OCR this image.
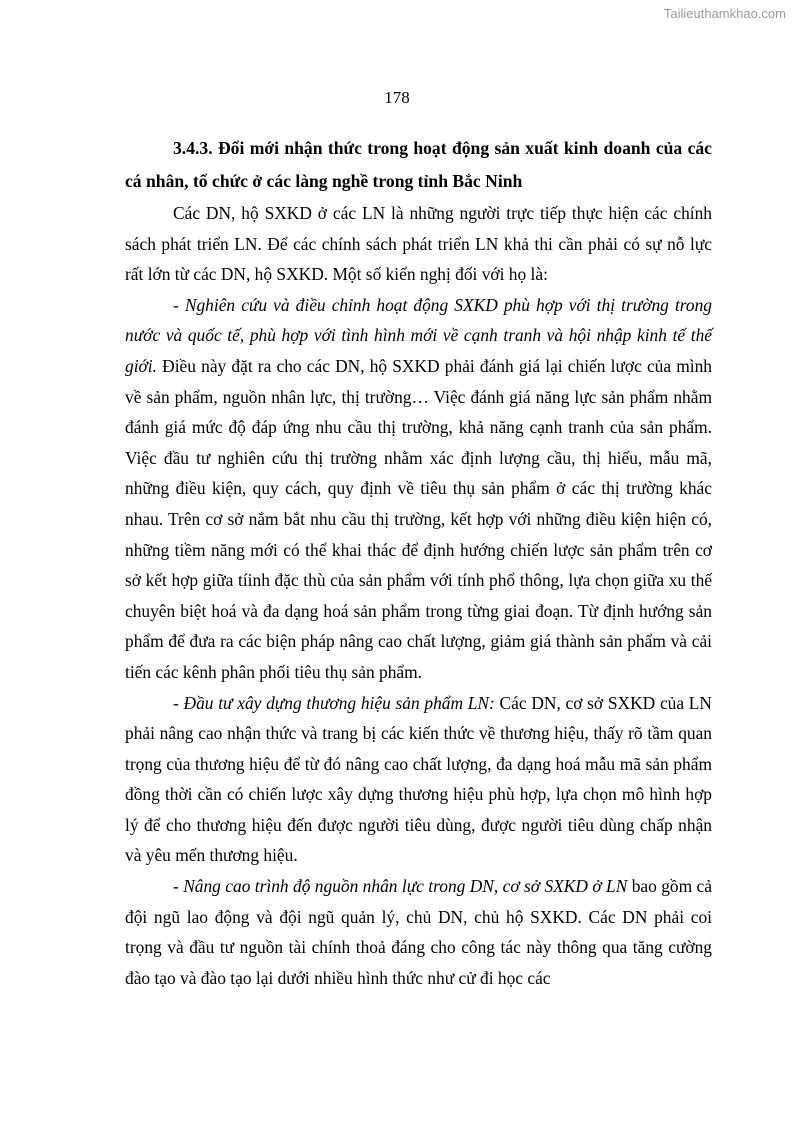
Tailieuthamkhao.com
178
3.4.3. Đổi mới nhận thức trong hoạt động sản xuất kinh doanh của các cá nhân, tổ chức ở các làng nghề trong tỉnh Bắc Ninh

Các DN, hộ SXKD ở các LN là những người trực tiếp thực hiện các chính sách phát triển LN. Để các chính sách phát triển LN khả thi cần phải có sự nỗ lực rất lớn từ các DN, hộ SXKD. Một số kiến nghị đối với họ là:

- Nghiên cứu và điều chỉnh hoạt động SXKD phù hợp với thị trường trong nước và quốc tế, phù hợp với tình hình mới về cạnh tranh và hội nhập kinh tế thế giới. Điều này đặt ra cho các DN, hộ SXKD phải đánh giá lại chiến lược của mình về sản phẩm, nguồn nhân lực, thị trường… Việc đánh giá năng lực sản phẩm nhằm đánh giá mức độ đáp ứng nhu cầu thị trường, khả năng cạnh tranh của sản phẩm. Việc đầu tư nghiên cứu thị trường nhằm xác định lượng cầu, thị hiếu, mẫu mã, những điều kiện, quy cách, quy định về tiêu thụ sản phẩm ở các thị trường khác nhau. Trên cơ sở nắm bắt nhu cầu thị trường, kết hợp với những điều kiện hiện có, những tiềm năng mới có thể khai thác để định hướng chiến lược sản phẩm trên cơ sở kết hợp giữa tíinh đặc thù của sản phẩm với tính phổ thông, lựa chọn giữa xu thế chuyên biệt hoá và đa dạng hoá sản phẩm trong từng giai đoạn. Từ định hướng sản phẩm để đưa ra các biện pháp nâng cao chất lượng, giảm giá thành sản phẩm và cải tiến các kênh phân phối tiêu thụ sản phẩm.

- Đầu tư xây dựng thương hiệu sản phẩm LN: Các DN, cơ sở SXKD của LN phải nâng cao nhận thức và trang bị các kiến thức về thương hiệu, thấy rõ tầm quan trọng của thương hiệu để từ đó nâng cao chất lượng, đa dạng hoá mẫu mã sản phẩm đồng thời cần có chiến lược xây dựng thương hiệu phù hợp, lựa chọn mô hình hợp lý để cho thương hiệu đến được người tiêu dùng, được người tiêu dùng chấp nhận và yêu mến thương hiệu.

- Nâng cao trình độ nguồn nhân lực trong DN, cơ sở SXKD ở LN bao gồm cả đội ngũ lao động và đội ngũ quản lý, chủ DN, chủ hộ SXKD. Các DN phải coi trọng và đầu tư nguồn tài chính thoả đáng cho công tác này thông qua tăng cường đào tạo và đào tạo lại dưới nhiều hình thức như cử đi học các
